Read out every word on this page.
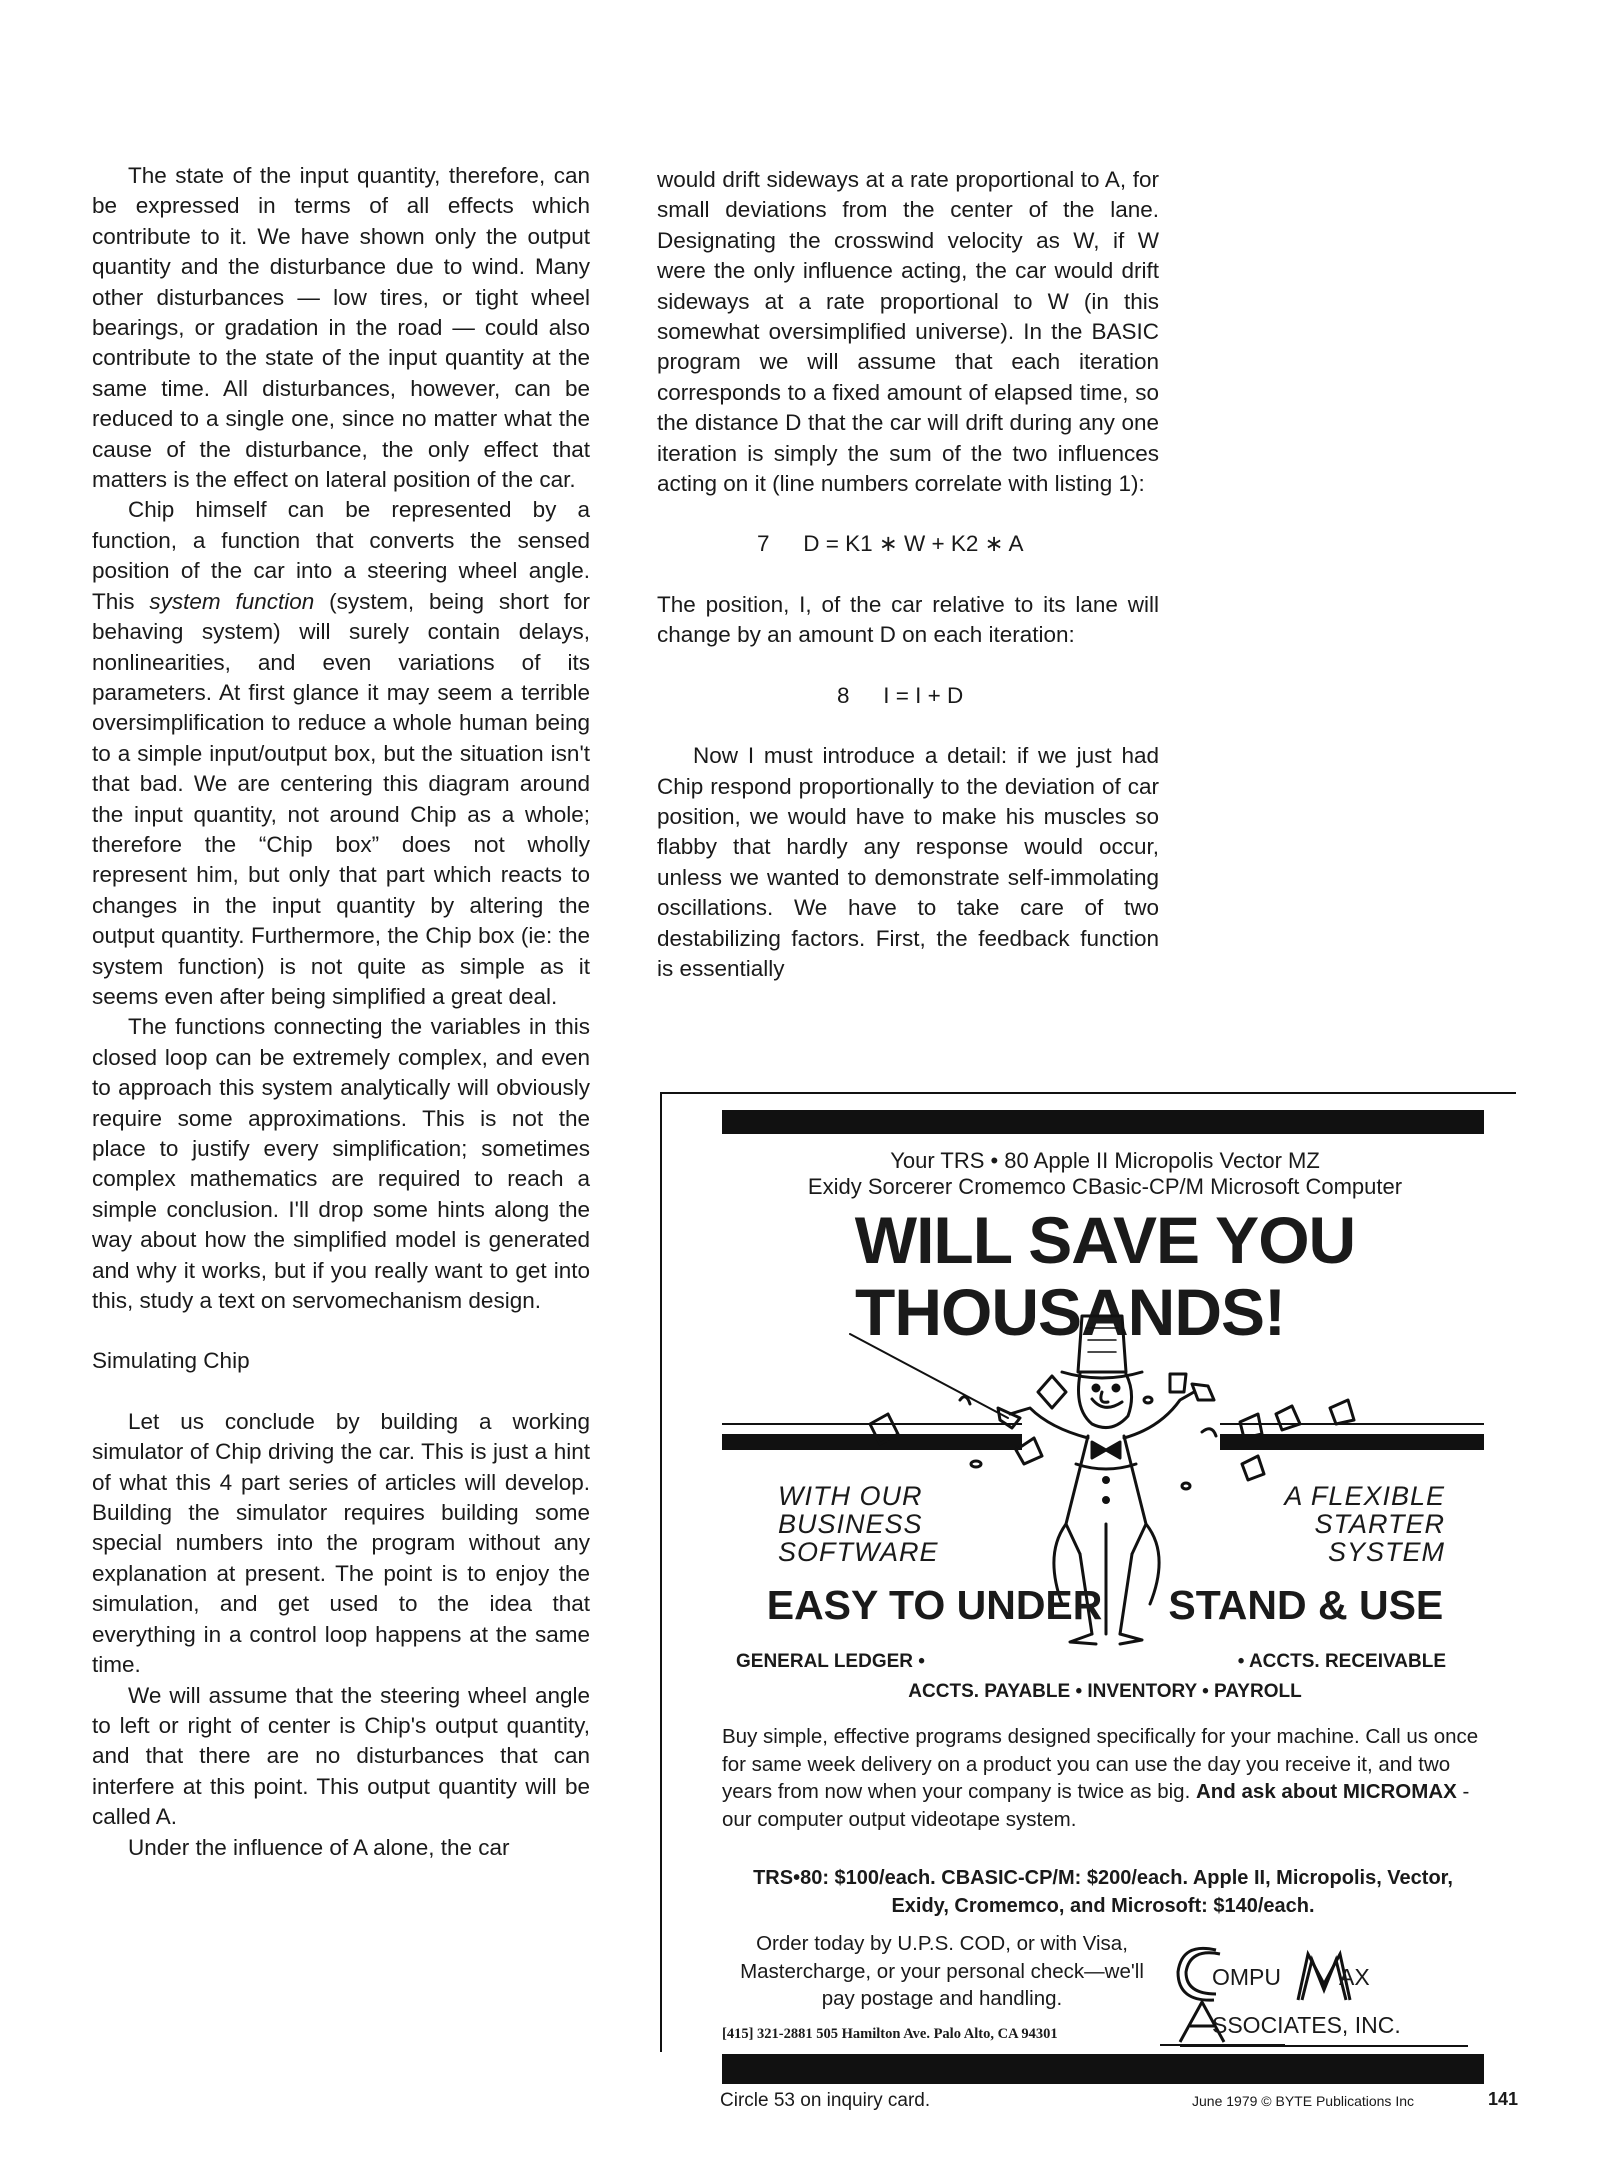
The state of the input quantity, therefore, can be expressed in terms of all effects which contribute to it. We have shown only the output quantity and the disturbance due to wind. Many other disturbances — low tires, or tight wheel bearings, or gradation in the road — could also contribute to the state of the input quantity at the same time. All disturbances, however, can be reduced to a single one, since no matter what the cause of the disturbance, the only effect that matters is the effect on lateral position of the car.

Chip himself can be represented by a function, a function that converts the sensed position of the car into a steering wheel angle. This system function (system, being short for behaving system) will surely contain delays, nonlinearities, and even variations of its parameters. At first glance it may seem a terrible oversimplification to reduce a whole human being to a simple input/output box, but the situation isn't that bad. We are centering this diagram around the input quantity, not around Chip as a whole; therefore the “Chip box” does not wholly represent him, but only that part which reacts to changes in the input quantity by altering the output quantity. Furthermore, the Chip box (ie: the system function) is not quite as simple as it seems even after being simplified a great deal.

The functions connecting the variables in this closed loop can be extremely complex, and even to approach this system analytically will obviously require some approximations. This is not the place to justify every simplification; sometimes complex mathematics are required to reach a simple conclusion. I'll drop some hints along the way about how the simplified model is generated and why it works, but if you really want to get into this, study a text on servomechanism design.

Simulating Chip

Let us conclude by building a working simulator of Chip driving the car. This is just a hint of what this 4 part series of articles will develop. Building the simulator requires building some special numbers into the program without any explanation at present. The point is to enjoy the simulation, and get used to the idea that everything in a control loop happens at the same time.

We will assume that the steering wheel angle to left or right of center is Chip's output quantity, and that there are no disturbances that can interfere at this point. This output quantity will be called A.

Under the influence of A alone, the car

would drift sideways at a rate proportional to A, for small deviations from the center of the lane. Designating the crosswind velocity as W, if W were the only influence acting, the car would drift sideways at a rate proportional to W (in this somewhat oversimplified universe). In the BASIC program we will assume that each iteration corresponds to a fixed amount of elapsed time, so the distance D that the car will drift during any one iteration is simply the sum of the two influences acting on it (line numbers correlate with listing 1):

7 D = K1 ∗ W + K2 ∗ A

The position, I, of the car relative to its lane will change by an amount D on each iteration:

8 I = I + D

Now I must introduce a detail: if we just had Chip respond proportionally to the deviation of car position, we would have to make his muscles so flabby that hardly any response would occur, unless we wanted to demonstrate self-immolating oscillations. We have to take care of two destabilizing factors. First, the feedback function is essentially

Your TRS • 80 Apple II Micropolis Vector MZ
Exidy Sorcerer Cromemco CBasic-CP/M Microsoft Computer
WILL SAVE YOU
THOUSANDS!
WITH OUR
BUSINESS
SOFTWARE
A FLEXIBLE
STARTER
SYSTEM
EASY TO UNDER STAND & USE
GENERAL LEDGER •	• ACCTS. RECEIVABLE
ACCTS. PAYABLE • INVENTORY • PAYROLL
Buy simple, effective programs designed specifically for your machine. Call us once for same week delivery on a product you can use the day you receive it, and two years from now when your company is twice as big. And ask about MICROMAX - our computer output videotape system.
TRS•80: $100/each. CBASIC-CP/M: $200/each. Apple II, Micropolis, Vector, Exidy, Cromemco, and Microsoft: $140/each.
Order today by U.P.S. COD, or with Visa, Mastercharge, or your personal check—we'll pay postage and handling.
[415] 321-2881 505 Hamilton Ave. Palo Alto, CA 94301
OMPU	AX
SSOCIATES, INC.
Circle 53 on inquiry card.	June 1979 © BYTE Publications Inc	141
